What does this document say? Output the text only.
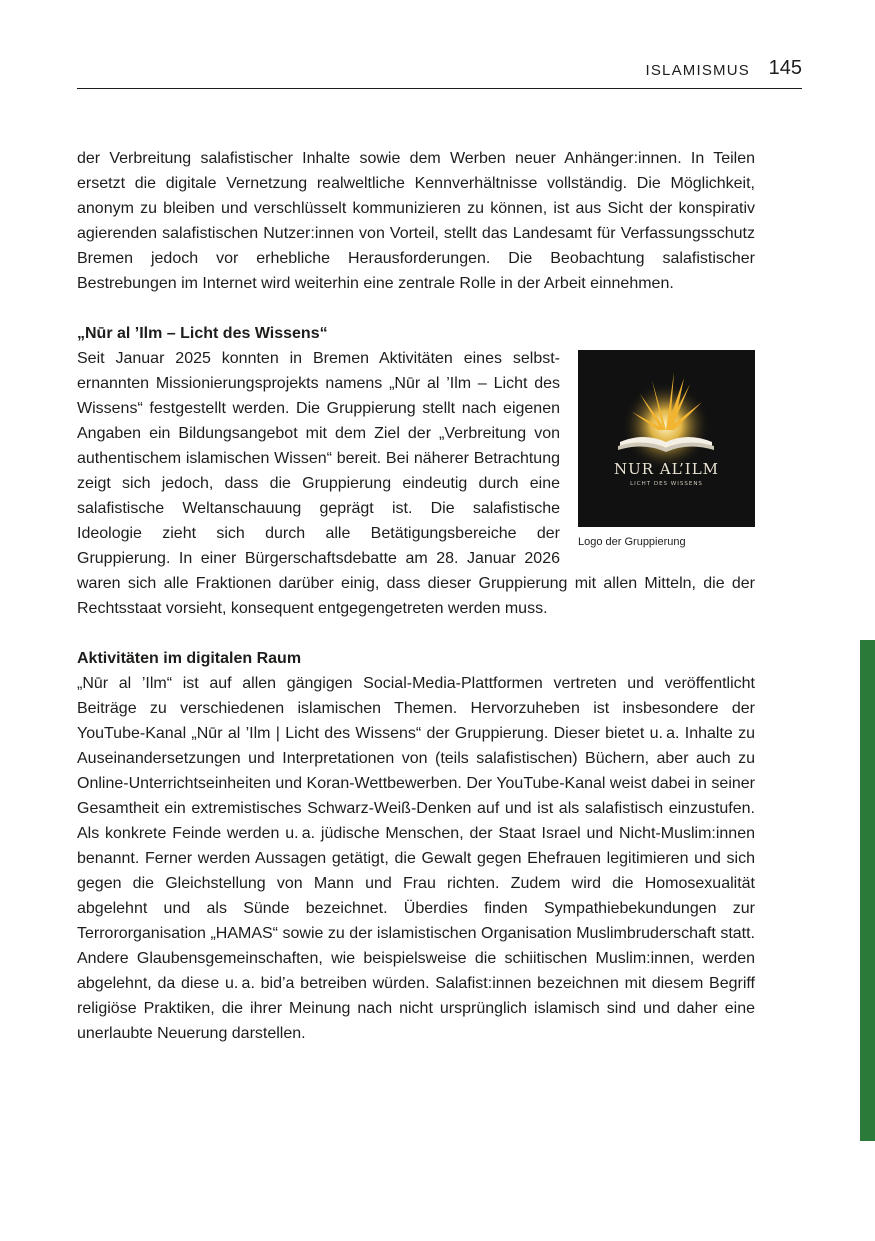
ISLAMISMUS 145

der Verbreitung salafistischer Inhalte sowie dem Werben neuer Anhänger:innen. In Teilen ersetzt die digitale Vernetzung realweltliche Kennverhältnisse vollständig. Die Möglichkeit, anonym zu bleiben und verschlüsselt kommunizieren zu können, ist aus Sicht der konspirativ agierenden salafistischen Nutzer:innen von Vorteil, stellt das Landesamt für Verfassungsschutz Bremen jedoch vor erhebliche Herausforderungen. Die Beobachtung salafistischer Bestrebungen im Internet wird weiterhin eine zentrale Rolle in der Arbeit einnehmen.

„Nūr al ’Ilm – Licht des Wissens“
NUR AL’ILM
LICHT DES WISSENS
Logo der Gruppierung

Seit Januar 2025 konnten in Bremen Aktivitäten eines selbsternannten Missionierungsprojekts namens „Nūr al ’Ilm – Licht des Wissens“ festgestellt werden. Die Gruppierung stellt nach eigenen Angaben ein Bildungsangebot mit dem Ziel der „Verbreitung von authentischem islamischen Wissen“ bereit. Bei näherer Betrachtung zeigt sich jedoch, dass die Gruppierung eindeutig durch eine salafistische Weltanschauung geprägt ist. Die salafistische Ideologie zieht sich durch alle Betätigungsbereiche der Gruppierung. In einer Bürgerschaftsdebatte am 28. Januar 2026 waren sich alle Fraktionen darüber einig, dass dieser Gruppierung mit allen Mitteln, die der Rechtsstaat vorsieht, konsequent entgegengetreten werden muss.

Aktivitäten im digitalen Raum

„Nūr al ’Ilm“ ist auf allen gängigen Social-Media-Plattformen vertreten und veröffentlicht Beiträge zu verschiedenen islamischen Themen. Hervorzuheben ist insbesondere der YouTube-Kanal „Nūr al ’Ilm | Licht des Wissens“ der Gruppierung. Dieser bietet u. a. Inhalte zu Auseinandersetzungen und Interpretationen von (teils salafistischen) Büchern, aber auch zu Online-Unterrichtseinheiten und Koran-Wettbewerben. Der YouTube-Kanal weist dabei in seiner Gesamtheit ein extremistisches Schwarz-Weiß-Denken auf und ist als salafistisch einzustufen. Als konkrete Feinde werden u. a. jüdische Menschen, der Staat Israel und Nicht-Muslim:innen benannt. Ferner werden Aussagen getätigt, die Gewalt gegen Ehefrauen legitimieren und sich gegen die Gleichstellung von Mann und Frau richten. Zudem wird die Homosexualität abgelehnt und als Sünde bezeichnet. Überdies finden Sympathiebekundungen zur Terrororganisation „HAMAS“ sowie zu der islamistischen Organisation Muslimbruderschaft statt. Andere Glaubensgemeinschaften, wie beispielsweise die schiitischen Muslim:innen, werden abgelehnt, da diese u. a. bid’a betreiben würden. Salafist:innen bezeichnen mit diesem Begriff religiöse Praktiken, die ihrer Meinung nach nicht ursprünglich islamisch sind und daher eine unerlaubte Neuerung darstellen.
